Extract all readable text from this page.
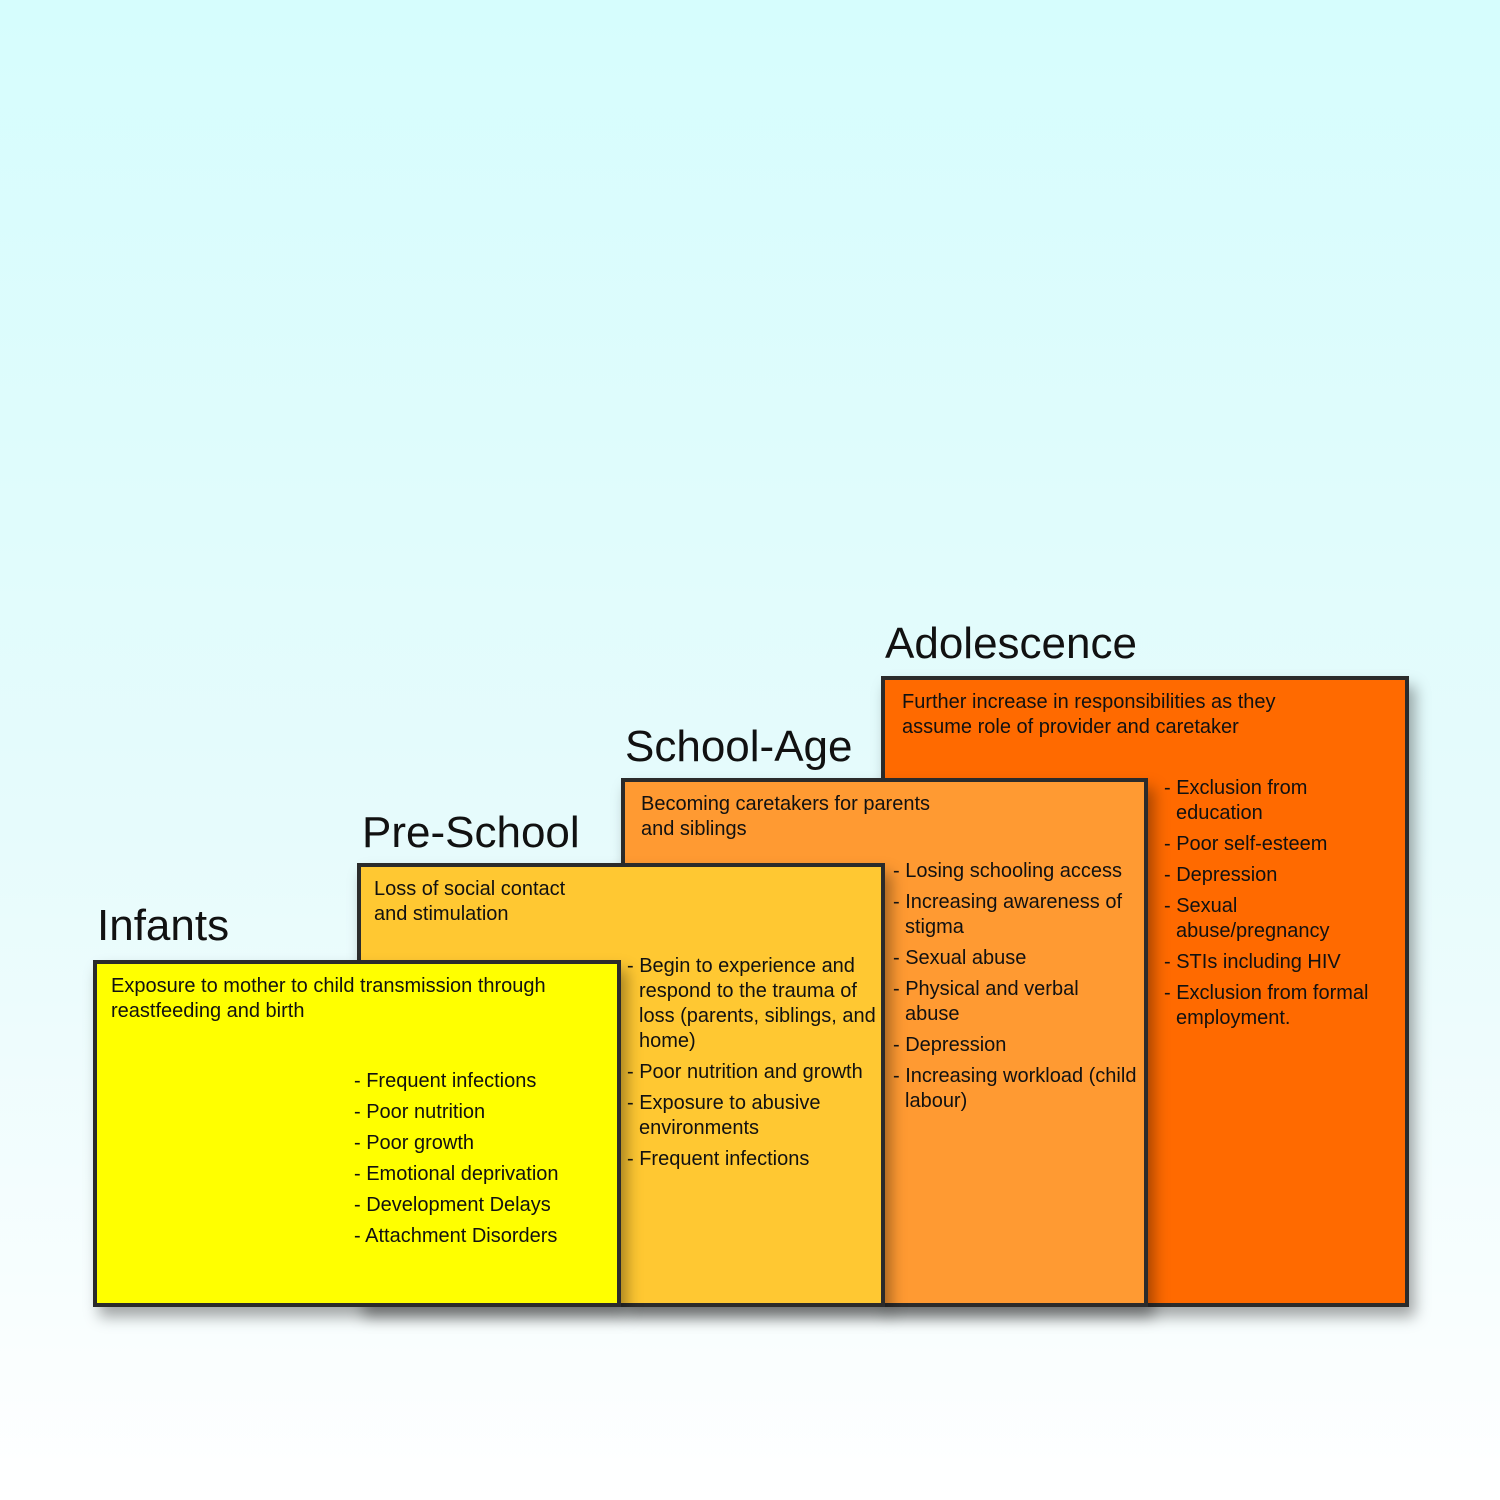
Infants
Pre-School
School-Age
Adolescence
Exposure to mother to child transmission through reastfeeding and birth
Loss of social contact and stimulation
Becoming caretakers for parents and siblings
Further increase in responsibilities as they assume role of provider and caretaker
- Frequent infections
- Poor nutrition
- Poor growth
- Emotional deprivation
- Development Delays
- Attachment Disorders
- Begin to experience and respond to the trauma of loss (parents, siblings, and home)
- Poor nutrition and growth
- Exposure to abusive environments
- Frequent infections
- Losing schooling access
- Increasing awareness of stigma
- Sexual abuse
- Physical and verbal abuse
- Depression
- Increasing workload (child labour)
- Exclusion from education
- Poor self-esteem
- Depression
- Sexual abuse/pregnancy
- STIs including HIV
- Exclusion from formal employment.
